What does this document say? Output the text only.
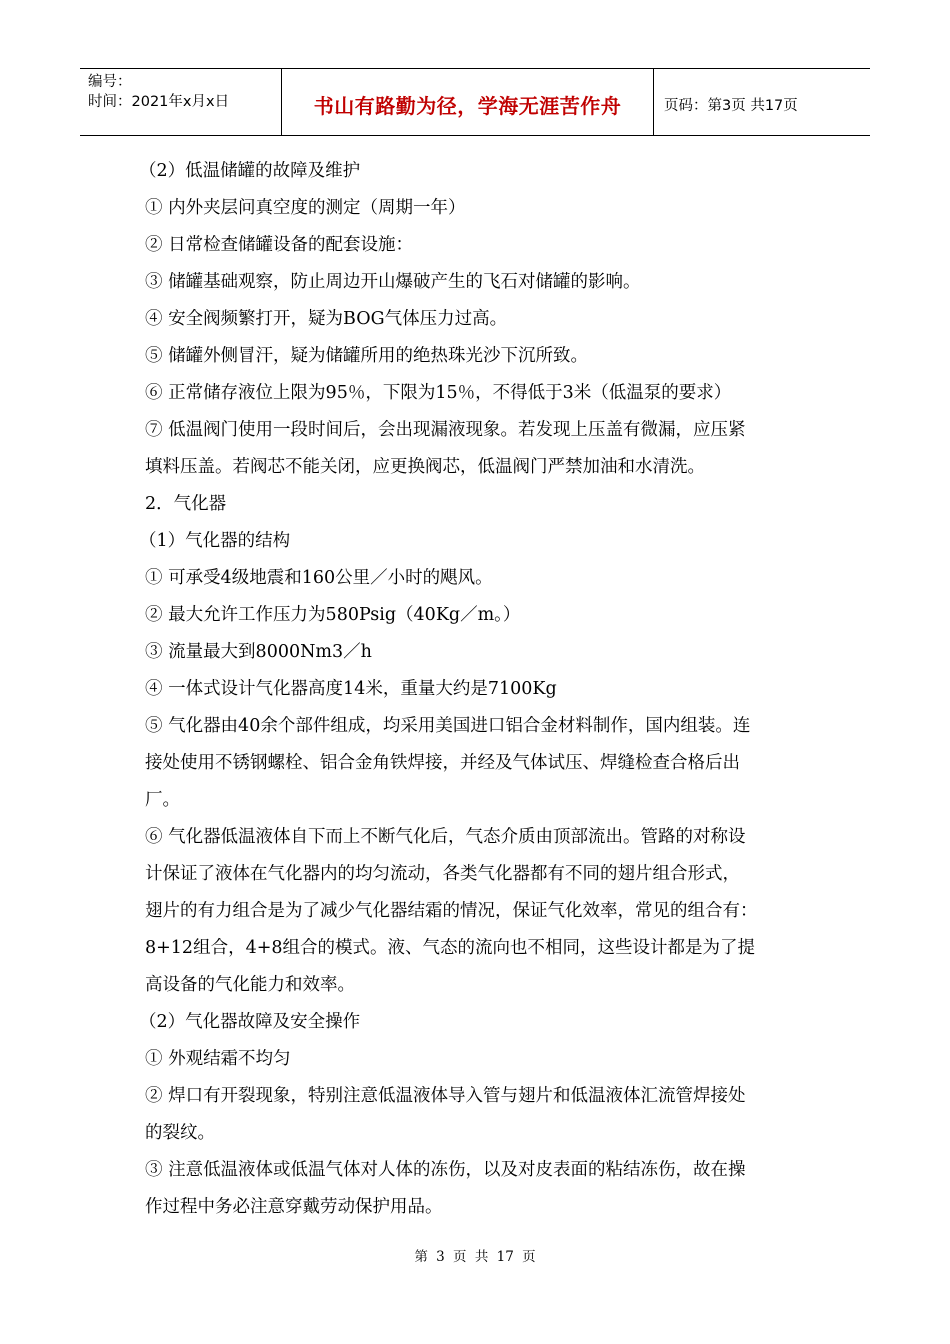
编号：
时间：2021年x月x日	书山有路勤为径，学海无涯苦作舟	页码：第3页 共17页
（2）低温储罐的故障及维护
① 内外夹层问真空度的测定（周期一年）
② 日常检查储罐设备的配套设施：
③ 储罐基础观察，防止周边开山爆破产生的飞石对储罐的影响。
④ 安全阀频繁打开，疑为BOG气体压力过高。
⑤ 储罐外侧冒汗，疑为储罐所用的绝热珠光沙下沉所致。
⑥ 正常储存液位上限为95％，下限为15％，不得低于3米（低温泵的要求）
⑦ 低温阀门使用一段时间后，会出现漏液现象。若发现上压盖有微漏，应压紧
填料压盖。若阀芯不能关闭，应更换阀芯，低温阀门严禁加油和水清洗。
2．气化器
（1）气化器的结构
① 可承受4级地震和160公里／小时的飓风。
② 最大允许工作压力为580Psig（40Kg／m。）
③ 流量最大到8000Nm3／h
④ 一体式设计气化器高度14米，重量大约是7100Kg
⑤ 气化器由40余个部件组成，均采用美国进口铝合金材料制作，国内组装。连
接处使用不锈钢螺栓、铝合金角铁焊接，并经及气体试压、焊缝检查合格后出
厂。
⑥ 气化器低温液体自下而上不断气化后，气态介质由顶部流出。管路的对称设
计保证了液体在气化器内的均匀流动，各类气化器都有不同的翅片组合形式，
翅片的有力组合是为了减少气化器结霜的情况，保证气化效率，常见的组合有：
8+12组合，4+8组合的模式。液、气态的流向也不相同，这些设计都是为了提
高设备的气化能力和效率。
（2）气化器故障及安全操作
① 外观结霜不均匀
② 焊口有开裂现象，特别注意低温液体导入管与翅片和低温液体汇流管焊接处
的裂纹。
③ 注意低温液体或低温气体对人体的冻伤，以及对皮表面的粘结冻伤，故在操
作过程中务必注意穿戴劳动保护用品。
第 3 页 共 17 页
